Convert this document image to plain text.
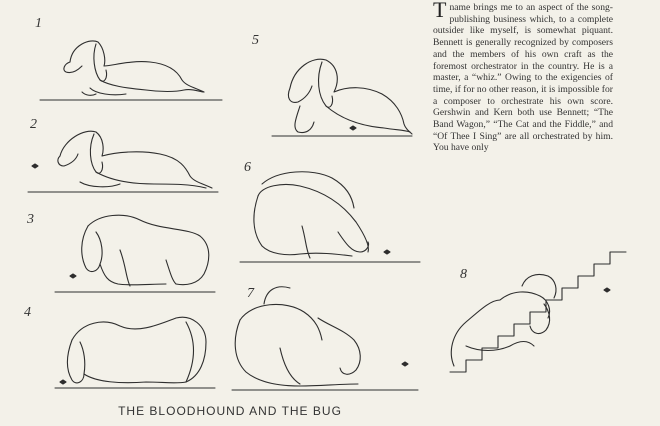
1
2
3
4
5
6
7
8

T name brings me to an aspect of the song-publishing business which, to a complete outsider like myself, is somewhat piquant. Bennett is generally recognized by composers and the members of his own craft as the foremost orchestrator in the country. He is a master, a “whiz.” Owing to the exigencies of time, if for no other reason, it is impossible for a composer to orchestrate his own score. Gershwin and Kern both use Bennett; “The Band Wagon,” “The Cat and the Fiddle,” and “Of Thee I Sing” are all orchestrated by him. You have only

THE BLOODHOUND AND THE BUG
